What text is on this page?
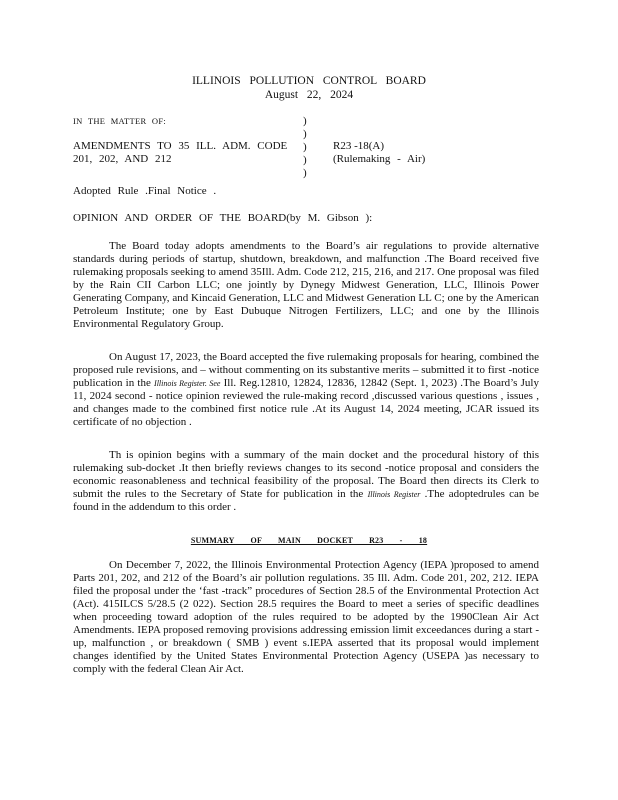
ILLINOIS POLLUTION CONTROL BOARD
August 22, 2024
IN THE MATTER OF:
AMENDMENTS TO 35 ILL. ADM. CODE
201, 202, AND 212
)
)
)
)
)
R23 -18(A)
(Rulemaking - Air)
Adopted Rule .Final Notice .
OPINION AND ORDER OF THE BOARD(by M. Gibson ):

The Board today adopts amendments to the Board’s air regulations to provide alternative standards during periods of startup, shutdown, breakdown, and malfunction .The Board received five rulemaking proposals seeking to amend 35Ill. Adm. Code 212, 215, 216, and 217. One proposal was filed by the Rain CII Carbon LLC; one jointly by Dynegy Midwest Generation, LLC, Illinois Power Generating Company, and Kincaid Generation, LLC and Midwest Generation LL C; one by the American Petroleum Institute; one by East Dubuque Nitrogen Fertilizers, LLC; and one by the Illinois Environmental Regulatory Group.

On August 17, 2023, the Board accepted the five rulemaking proposals for hearing, combined the proposed rule revisions, and – without commenting on its substantive merits – submitted it to first -notice publication in the Illinois Register. See Ill. Reg.12810, 12824, 12836, 12842 (Sept. 1, 2023) .The Board’s July 11, 2024 second - notice opinion reviewed the rule-making record ,discussed various questions , issues , and changes made to the combined first notice rule .At its August 14, 2024 meeting, JCAR issued its certificate of no objection .

Th is opinion begins with a summary of the main docket and the procedural history of this rulemaking sub-docket .It then briefly reviews changes to its second -notice proposal and considers the economic reasonableness and technical feasibility of the proposal. The Board then directs its Clerk to submit the rules to the Secretary of State for publication in the Illinois Register .The adoptedrules can be found in the addendum to this order .

SUMMARY OF MAIN DOCKET R23 - 18

On December 7, 2022, the Illinois Environmental Protection Agency (IEPA )proposed to amend Parts 201, 202, and 212 of the Board’s air pollution regulations. 35 Ill. Adm. Code 201, 202, 212. IEPA filed the proposal under the ‘fast -track” procedures of Section 28.5 of the Environmental Protection Act (Act). 415ILCS 5/28.5 (2 022). Section 28.5 requires the Board to meet a series of specific deadlines when proceeding toward adoption of the rules required to be adopted by the 1990Clean Air Act Amendments. IEPA proposed removing provisions addressing emission limit exceedances during a start - up, malfunction , or breakdown ( SMB ) event s.IEPA asserted that its proposal would implement changes identified by the United States Environmental Protection Agency (USEPA )as necessary to comply with the federal Clean Air Act.
